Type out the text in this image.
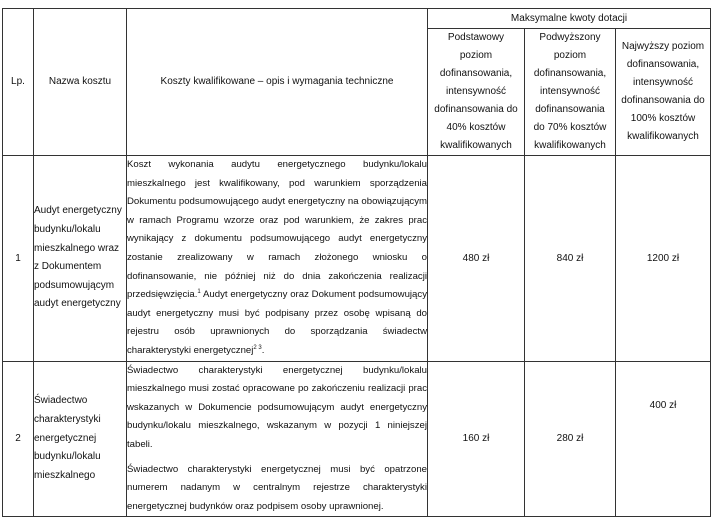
Lp.	Nazwa kosztu	Koszty kwalifikowane – opis i wymagania techniczne	Maksymalne kwoty dotacji		
			Podstawowy poziom dofinansowania, intensywność dofinansowania do 40% kosztów kwalifikowanych	Podwyższony poziom dofinansowania, intensywność dofinansowania do 70% kosztów kwalifikowanych	Najwyższy poziom dofinansowania, intensywność dofinansowania do 100% kosztów kwalifikowanych
1	Audyt energetyczny budynku/lokalu mieszkalnego wraz z Dokumentem podsumowującym audyt energetyczny	Koszt wykonania audytu energetycznego budynku/lokalu mieszkalnego jest kwalifikowany, pod warunkiem sporządzenia Dokumentu podsumowującego audyt energetyczny na obowiązującym w ramach Programu wzorze oraz pod warunkiem, że zakres prac wynikający z dokumentu podsumowującego audyt energetyczny zostanie zrealizowany w ramach złożonego wniosku o dofinansowanie, nie później niż do dnia zakończenia realizacji przedsięwzięcia.$^1$ Audyt energetyczny oraz Dokument podsumowujący audyt energetyczny musi być podpisany przez osobę wpisaną do rejestru osób uprawnionych do sporządzania świadectw charakterystyki energetycznej$^{2 3}$.	480 zł	840 zł	1200 zł
2	Świadectwo charakterystyki energetycznej budynku/lokalu mieszkalnego	Świadectwo charakterystyki energetycznej budynku/lokalu mieszkalnego musi zostać opracowane po zakończeniu realizacji prac wskazanych w Dokumencie podsumowującym audyt energetyczny budynku/lokalu mieszkalnego, wskazanym w pozycji 1 niniejszej tabeli.

Świadectwo charakterystyki energetycznej musi być opatrzone numerem nadanym w centralnym rejestrze charakterystyki energetycznej budynków oraz podpisem osoby uprawnionej.	160 zł	280 zł	400 zł
